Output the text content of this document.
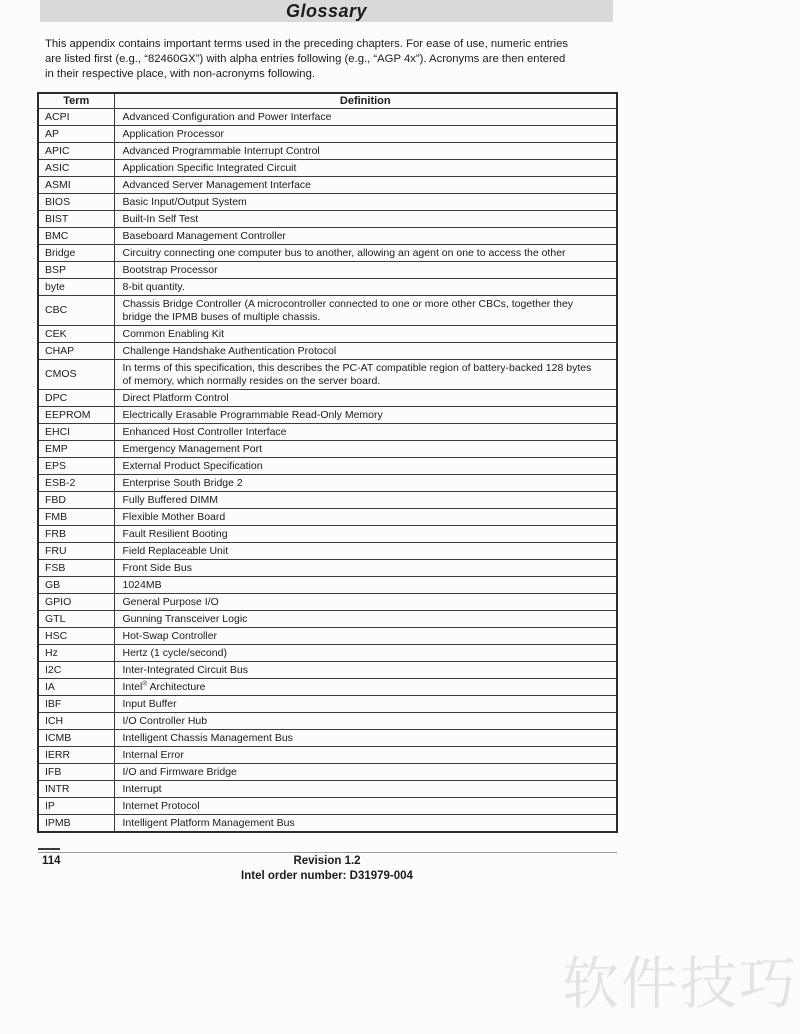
Glossary

This appendix contains important terms used in the preceding chapters. For ease of use, numeric entries
are listed first (e.g., “82460GX”) with alpha entries following (e.g., “AGP 4x”). Acronyms are then entered
in their respective place, with non-acronyms following.

Term	Definition
ACPI	Advanced Configuration and Power Interface
AP	Application Processor
APIC	Advanced Programmable Interrupt Control
ASIC	Application Specific Integrated Circuit
ASMI	Advanced Server Management Interface
BIOS	Basic Input/Output System
BIST	Built-In Self Test
BMC	Baseboard Management Controller
Bridge	Circuitry connecting one computer bus to another, allowing an agent on one to access the other
BSP	Bootstrap Processor
byte	8-bit quantity.
CBC	Chassis Bridge Controller (A microcontroller connected to one or more other CBCs, together they
bridge the IPMB buses of multiple chassis.
CEK	Common Enabling Kit
CHAP	Challenge Handshake Authentication Protocol
CMOS	In terms of this specification, this describes the PC-AT compatible region of battery-backed 128 bytes
of memory, which normally resides on the server board.
DPC	Direct Platform Control
EEPROM	Electrically Erasable Programmable Read-Only Memory
EHCI	Enhanced Host Controller Interface
EMP	Emergency Management Port
EPS	External Product Specification
ESB-2	Enterprise South Bridge 2
FBD	Fully Buffered DIMM
FMB	Flexible Mother Board
FRB	Fault Resilient Booting
FRU	Field Replaceable Unit
FSB	Front Side Bus
GB	1024MB
GPIO	General Purpose I/O
GTL	Gunning Transceiver Logic
HSC	Hot-Swap Controller
Hz	Hertz (1 cycle/second)
I2C	Inter-Integrated Circuit Bus
IA	Intel® Architecture
IBF	Input Buffer
ICH	I/O Controller Hub
ICMB	Intelligent Chassis Management Bus
IERR	Internal Error
IFB	I/O and Firmware Bridge
INTR	Interrupt
IP	Internet Protocol
IPMB	Intelligent Platform Management Bus
114	Revision 1.2
Intel order number: D31979-004
软件技巧
